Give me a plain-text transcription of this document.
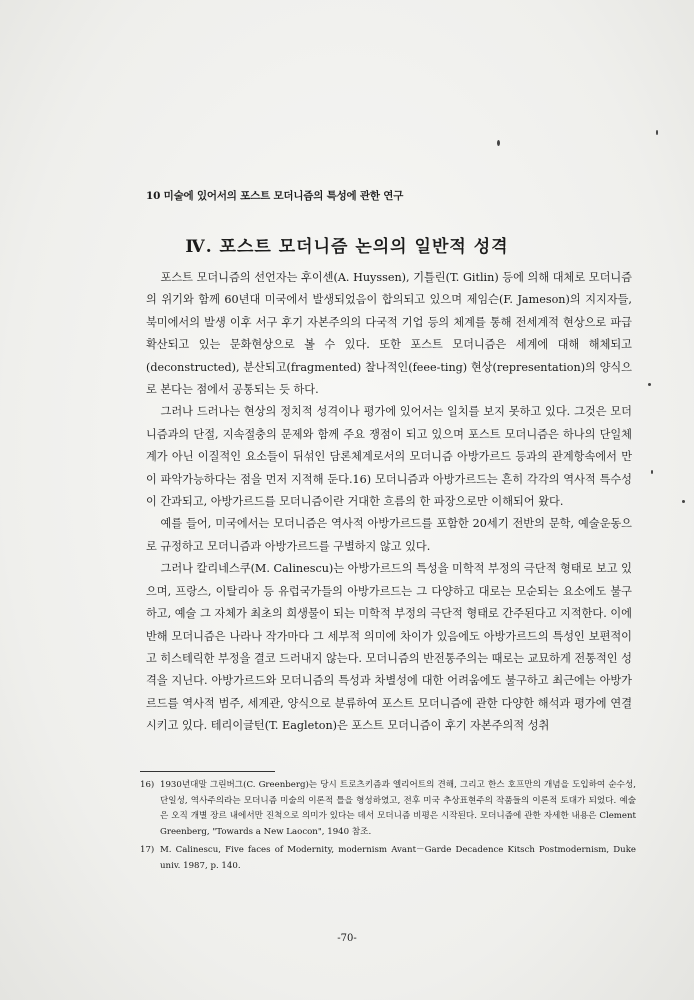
10 미술에 있어서의 포스트 모더니즘의 특성에 관한 연구
Ⅳ. 포스트 모더니즘 논의의 일반적 성격

포스트 모더니즘의 선언자는 후이센(A. Huyssen), 기틀린(T. Gitlin) 등에 의해 대체로 모더니즘의 위기와 함께 60년대 미국에서 발생되었음이 합의되고 있으며 제임슨(F. Jameson)의 지지자들, 북미에서의 발생 이후 서구 후기 자본주의의 다국적 기업 등의 체계를 통해 전세계적 현상으로 파급확산되고 있는 문화현상으로 볼 수 있다. 또한 포스트 모더니즘은 세계에 대해 해체되고(deconstructed), 분산되고(fragmented) 찰나적인(feee-ting) 현상(representation)의 양식으로 본다는 점에서 공통되는 듯 하다.

그러나 드러나는 현상의 정치적 성격이나 평가에 있어서는 일치를 보지 못하고 있다. 그것은 모더니즘과의 단절, 지속절충의 문제와 함께 주요 쟁점이 되고 있으며 포스트 모더니즘은 하나의 단일체계가 아닌 이질적인 요소들이 뒤섞인 담론체계로서의 모더니즘 아방가르드 등과의 관계항속에서 만이 파악가능하다는 점을 먼저 지적해 둔다.16) 모더니즘과 아방가르드는 흔히 각각의 역사적 특수성이 간과되고, 아방가르드를 모더니즘이란 거대한 흐름의 한 파장으로만 이해되어 왔다.

예를 들어, 미국에서는 모더니즘은 역사적 아방가르드를 포함한 20세기 전반의 문학, 예술운동으로 규정하고 모더니즘과 아방가르드를 구별하지 않고 있다.

그러나 칼리네스쿠(M. Calinescu)는 아방가르드의 특성을 미학적 부정의 극단적 형태로 보고 있으며, 프랑스, 이탈리아 등 유럽국가들의 아방가르드는 그 다양하고 대로는 모순되는 요소에도 불구하고, 예술 그 자체가 최초의 희생물이 되는 미학적 부정의 극단적 형태로 간주된다고 지적한다. 이에 반해 모더니즘은 나라나 작가마다 그 세부적 의미에 차이가 있음에도 아방가르드의 특성인 보편적이고 히스테릭한 부정을 결코 드러내지 않는다. 모더니즘의 반전통주의는 때로는 교묘하게 전통적인 성격을 지닌다. 아방가르드와 모더니즘의 특성과 차별성에 대한 어려움에도 불구하고 최근에는 아방가르드를 역사적 범주, 세계관, 양식으로 분류하여 포스트 모더니즘에 관한 다양한 해석과 평가에 연결시키고 있다. 테리이글턴(T. Eagleton)은 포스트 모더니즘이 후기 자본주의적 성취

16) 1930년대말 그린버그(C. Greenberg)는 당시 트로츠키즘과 엘리어트의 견해, 그리고 한스 호프만의 개념을 도입하여 순수성, 단일성, 역사주의라는 모더니즘 미술의 이론적 틀을 형성하였고, 전후 미국 추상표현주의 작품들의 이론적 토대가 되었다. 예술은 오직 개별 장르 내에서만 진척으로 의미가 있다는 데서 모더니즘 비평은 시작된다. 모더니즘에 관한 자세한 내용은 Clement Greenberg, "Towards a New Laocon", 1940 참조.
17) M. Calinescu, Five faces of Modernity, modernism Avant－Garde Decadence Kitsch Postmodernism, Duke univ. 1987, p. 140.
-70-
